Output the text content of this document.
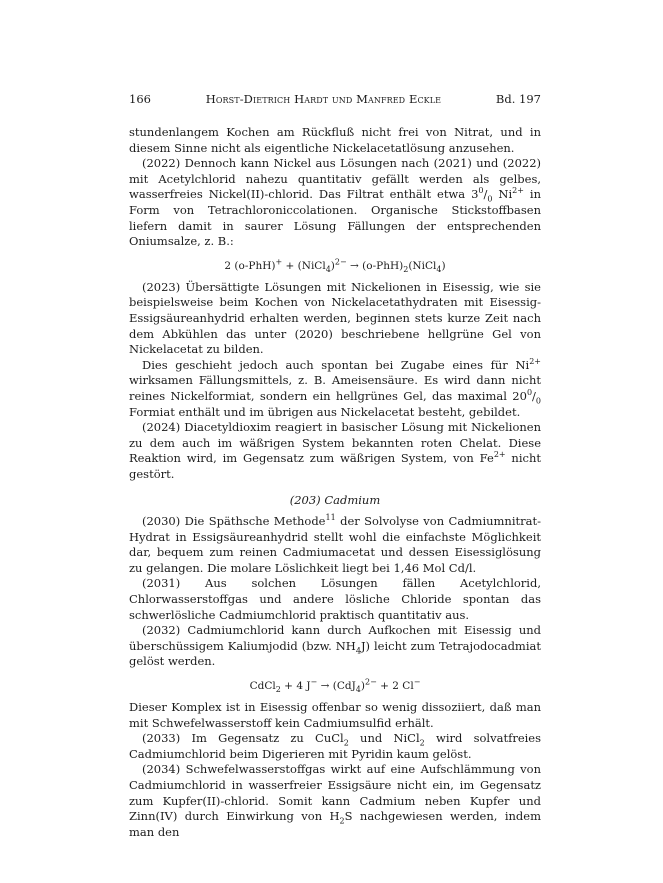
166	Horst-Dietrich Hardt und Manfred Eckle	Bd. 197

stundenlangem Kochen am Rückfluß nicht frei von Nitrat, und in diesem Sinne nicht als eigentliche Nickelacetatlösung anzusehen.

(2022) Dennoch kann Nickel aus Lösungen nach (2021) und (2022) mit Acetylchlorid nahezu quantitativ gefällt werden als gelbes, wasserfreies Nickel(II)-chlorid. Das Filtrat enthält etwa $3^0/_0$ $Ni^{2+}$ in Form von Tetrachloroniccolationen. Organische Stickstoffbasen liefern damit in saurer Lösung Fällungen der entsprechenden Oniumsalze, z. B.:

2 (o-PhH)+ + (NiCl$_4$)$^{2-}$ → $(o-PhH)_2(NiCl_4)$

(2023) Übersättigte Lösungen mit Nickelionen in Eisessig, wie sie beispielsweise beim Kochen von Nickelacetathydraten mit Eisessig-Essigsäureanhydrid erhalten werden, beginnen stets kurze Zeit nach dem Abkühlen das unter (2020) beschriebene hellgrüne Gel von Nickelacetat zu bilden.

Dies geschieht jedoch auch spontan bei Zugabe eines für $Ni^{2+}$ wirksamen Fällungsmittels, z. B. Ameisensäure. Es wird dann nicht reines Nickelformiat, sondern ein hellgrünes Gel, das maximal $20^0/_0$ Formiat enthält und im übrigen aus Nickelacetat besteht, gebildet.

(2024) Diacetyldioxim reagiert in basischer Lösung mit Nickelionen zu dem auch im wäßrigen System bekannten roten Chelat. Diese Reaktion wird, im Gegensatz zum wäßrigen System, von $Fe^{2+}$ nicht gestört.

(203) Cadmium

(2030) Die Späthsche Methode$^{11}$ der Solvolyse von Cadmiumnitrat-Hydrat in Essigsäureanhydrid stellt wohl die einfachste Möglichkeit dar, bequem zum reinen Cadmiumacetat und dessen Eisessiglösung zu gelangen. Die molare Löslichkeit liegt bei 1,46 Mol Cd/l.

(2031) Aus solchen Lösungen fällen Acetylchlorid, Chlorwasserstoffgas und andere lösliche Chloride spontan das schwerlösliche Cadmiumchlorid praktisch quantitativ aus.

(2032) Cadmiumchlorid kann durch Aufkochen mit Eisessig und überschüssigem Kaliumjodid (bzw. $NH_4J$) leicht zum Tetrajodocadmiat gelöst werden.

CdCl$_2$ + 4 $J^- \to (CdJ_4)^{2-} + 2$ Cl−

Dieser Komplex ist in Eisessig offenbar so wenig dissoziiert, daß man mit Schwefelwasserstoff kein Cadmiumsulfid erhält.

(2033) Im Gegensatz zu CuCl$_2$ und NiCl$_2$ wird solvatfreies Cadmiumchlorid beim Digerieren mit Pyridin kaum gelöst.

(2034) Schwefelwasserstoffgas wirkt auf eine Aufschlämmung von Cadmiumchlorid in wasserfreier Essigsäure nicht ein, im Gegensatz zum Kupfer(II)-chlorid. Somit kann Cadmium neben Kupfer und Zinn(IV) durch Einwirkung von $H_2S$ nachgewiesen werden, indem man den
